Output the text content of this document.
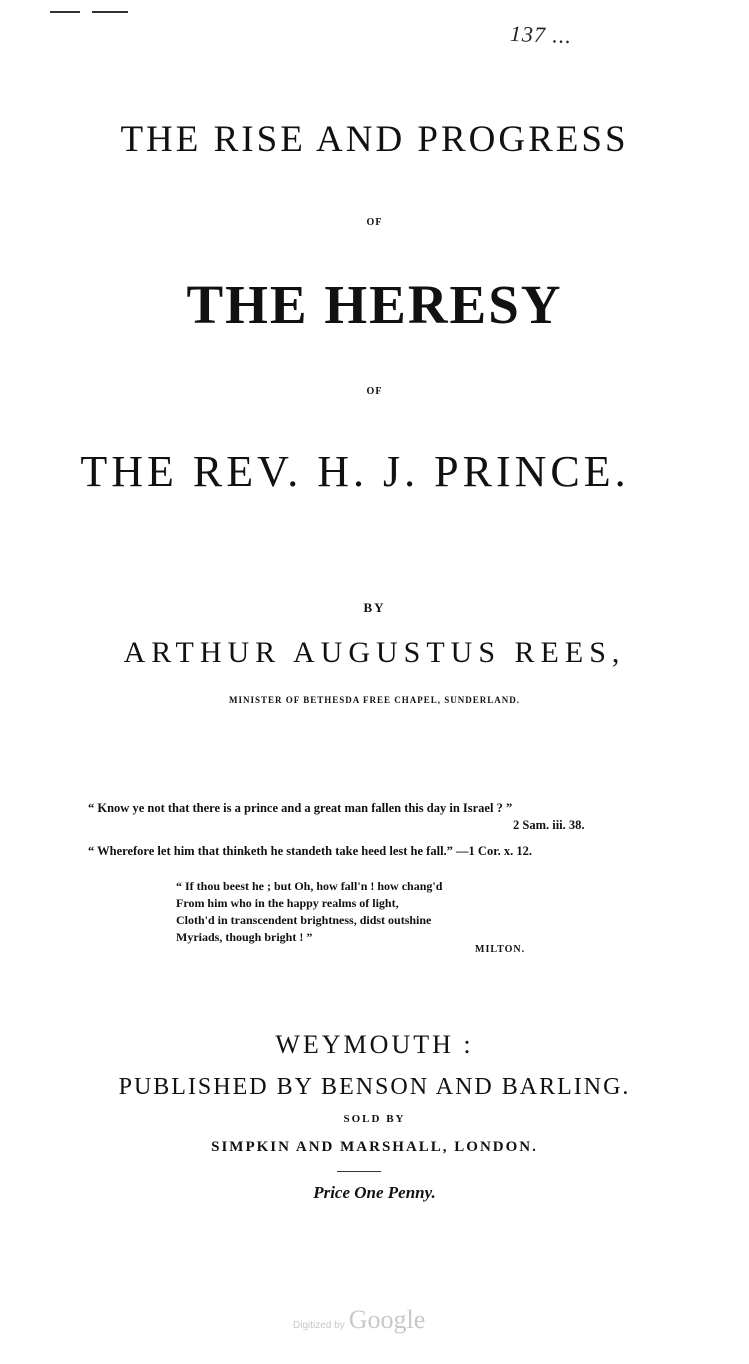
137 ...
THE RISE AND PROGRESS
OF
THE HERESY
OF
THE REV. H. J. PRINCE.
BY
ARTHUR AUGUSTUS REES,
MINISTER OF BETHESDA FREE CHAPEL, SUNDERLAND.
“ Know ye not that there is a prince and a great man fallen this day in Israel ? ”
2 Sam. iii. 38.
“ Wherefore let him that thinketh he standeth take heed lest he fall.” —1 Cor. x. 12.
“ If thou beest he ; but Oh, how fall'n ! how chang'd
From him who in the happy realms of light,
Cloth'd in transcendent brightness, didst outshine
Myriads, though bright ! ”
MILTON.
WEYMOUTH :
PUBLISHED BY BENSON AND BARLING.
SOLD BY
SIMPKIN AND MARSHALL, LONDON.
Price One Penny.
Digitized by Google
